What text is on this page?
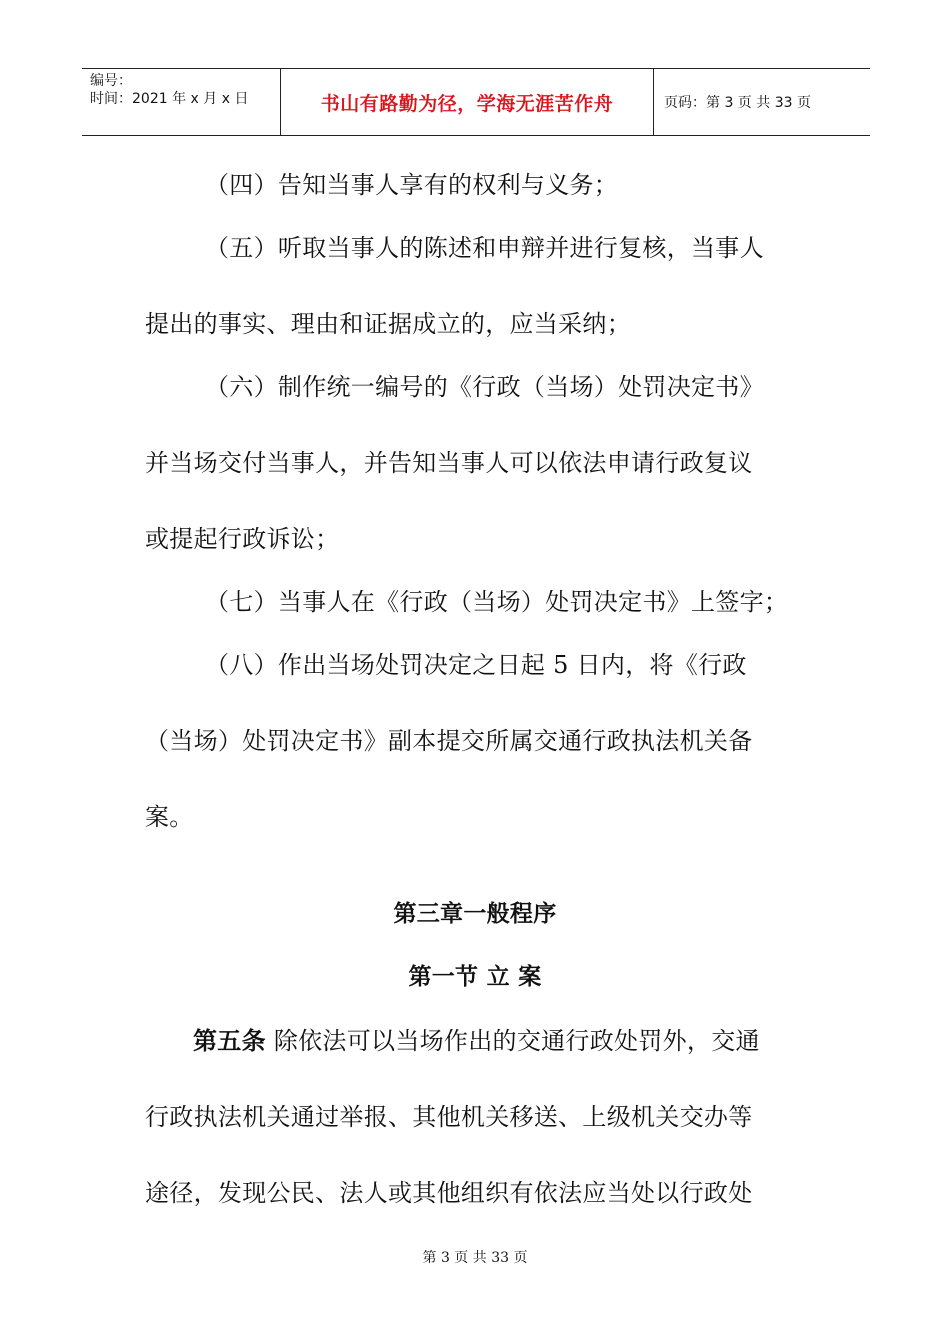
编号：
时间：2021 年 x 月 x 日	书山有路勤为径，学海无涯苦作舟	页码：第 3 页 共 33 页
（四）告知当事人享有的权利与义务；
（五）听取当事人的陈述和申辩并进行复核，当事人
提出的事实、理由和证据成立的，应当采纳；
（六）制作统一编号的《行政（当场）处罚决定书》
并当场交付当事人，并告知当事人可以依法申请行政复议
或提起行政诉讼；
（七）当事人在《行政（当场）处罚决定书》上签字；
（八）作出当场处罚决定之日起 5 日内，将《行政
（当场）处罚决定书》副本提交所属交通行政执法机关备
案。
第三章一般程序
第一节 立 案
第五条 除依法可以当场作出的交通行政处罚外，交通
行政执法机关通过举报、其他机关移送、上级机关交办等
途径，发现公民、法人或其他组织有依法应当处以行政处
第 3 页 共 33 页
